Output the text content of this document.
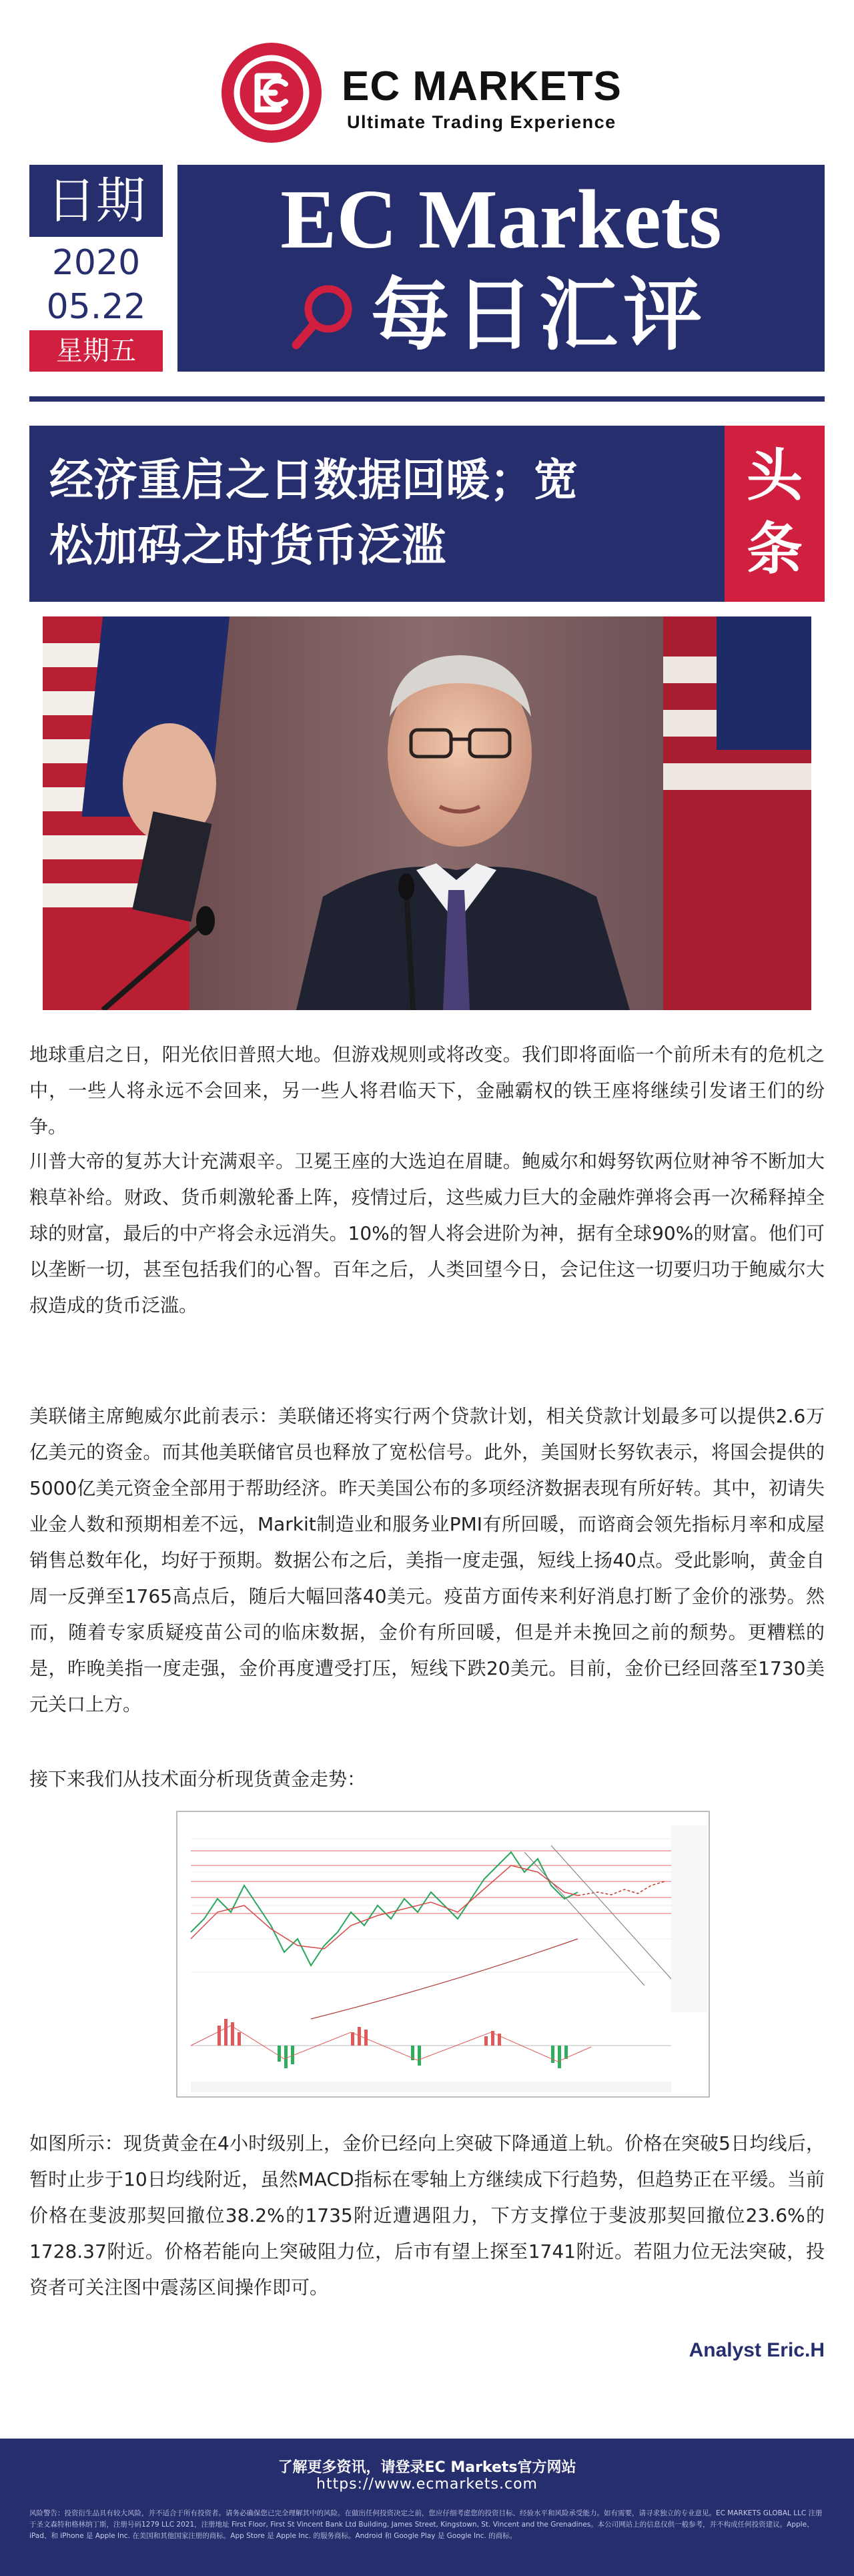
EC MARKETS
Ultimate Trading Experience
日期
2020
05.22
星期五
EC Markets
每日汇评
经济重启之日数据回暖；宽
松加码之时货币泛滥
头
条

地球重启之日，阳光依旧普照大地。但游戏规则或将改变。我们即将面临一个前所未有的危机之中，一些人将永远不会回来，另一些人将君临天下，金融霸权的铁王座将继续引发诸王们的纷争。

川普大帝的复苏大计充满艰辛。卫冕王座的大选迫在眉睫。鲍威尔和姆努钦两位财神爷不断加大粮草补给。财政、货币刺激轮番上阵，疫情过后，这些威力巨大的金融炸弹将会再一次稀释掉全球的财富，最后的中产将会永远消失。10%的智人将会进阶为神，据有全球90%的财富。他们可以垄断一切，甚至包括我们的心智。百年之后，人类回望今日，会记住这一切要归功于鲍威尔大叔造成的货币泛滥。

美联储主席鲍威尔此前表示：美联储还将实行两个贷款计划，相关贷款计划最多可以提供2.6万亿美元的资金。而其他美联储官员也释放了宽松信号。此外，美国财长努钦表示，将国会提供的5000亿美元资金全部用于帮助经济。昨天美国公布的多项经济数据表现有所好转。其中，初请失业金人数和预期相差不远，Markit制造业和服务业PMI有所回暖，而谘商会领先指标月率和成屋销售总数年化，均好于预期。数据公布之后，美指一度走强，短线上扬40点。受此影响，黄金自周一反弹至1765高点后，随后大幅回落40美元。疫苗方面传来利好消息打断了金价的涨势。然而，随着专家质疑疫苗公司的临床数据，金价有所回暖，但是并未挽回之前的颓势。更糟糕的是，昨晚美指一度走强，金价再度遭受打压，短线下跌20美元。目前，金价已经回落至1730美元关口上方。

接下来我们从技术面分析现货黄金走势：

如图所示：现货黄金在4小时级别上，金价已经向上突破下降通道上轨。价格在突破5日均线后，暂时止步于10日均线附近，虽然MACD指标在零轴上方继续成下行趋势，但趋势正在平缓。当前价格在斐波那契回撤位38.2%的1735附近遭遇阻力，下方支撑位于斐波那契回撤位23.6%的1728.37附近。价格若能向上突破阻力位，后市有望上探至1741附近。若阻力位无法突破，投资者可关注图中震荡区间操作即可。

Analyst Eric.H
了解更多资讯，请登录EC Markets官方网站
https://www.ecmarkets.com
风险警告：投资衍生品具有较大风险，并不适合于所有投资者。请务必确保您已完全理解其中的风险。在做出任何投资决定之前，您应仔细考虑您的投资目标、经验水平和风险承受能力。如有需要，请寻求独立的专业意见。EC MARKETS GLOBAL LLC 注册于圣文森特和格林纳丁斯，注册号码1279 LLC 2021，注册地址 First Floor, First St Vincent Bank Ltd Building, James Street, Kingstown, St. Vincent and the Grenadines。本公司网站上的信息仅供一般参考，并不构成任何投资建议。Apple、iPad、和 iPhone 是 Apple Inc. 在美国和其他国家注册的商标。App Store 是 Apple Inc. 的服务商标。Android 和 Google Play 是 Google Inc. 的商标。
